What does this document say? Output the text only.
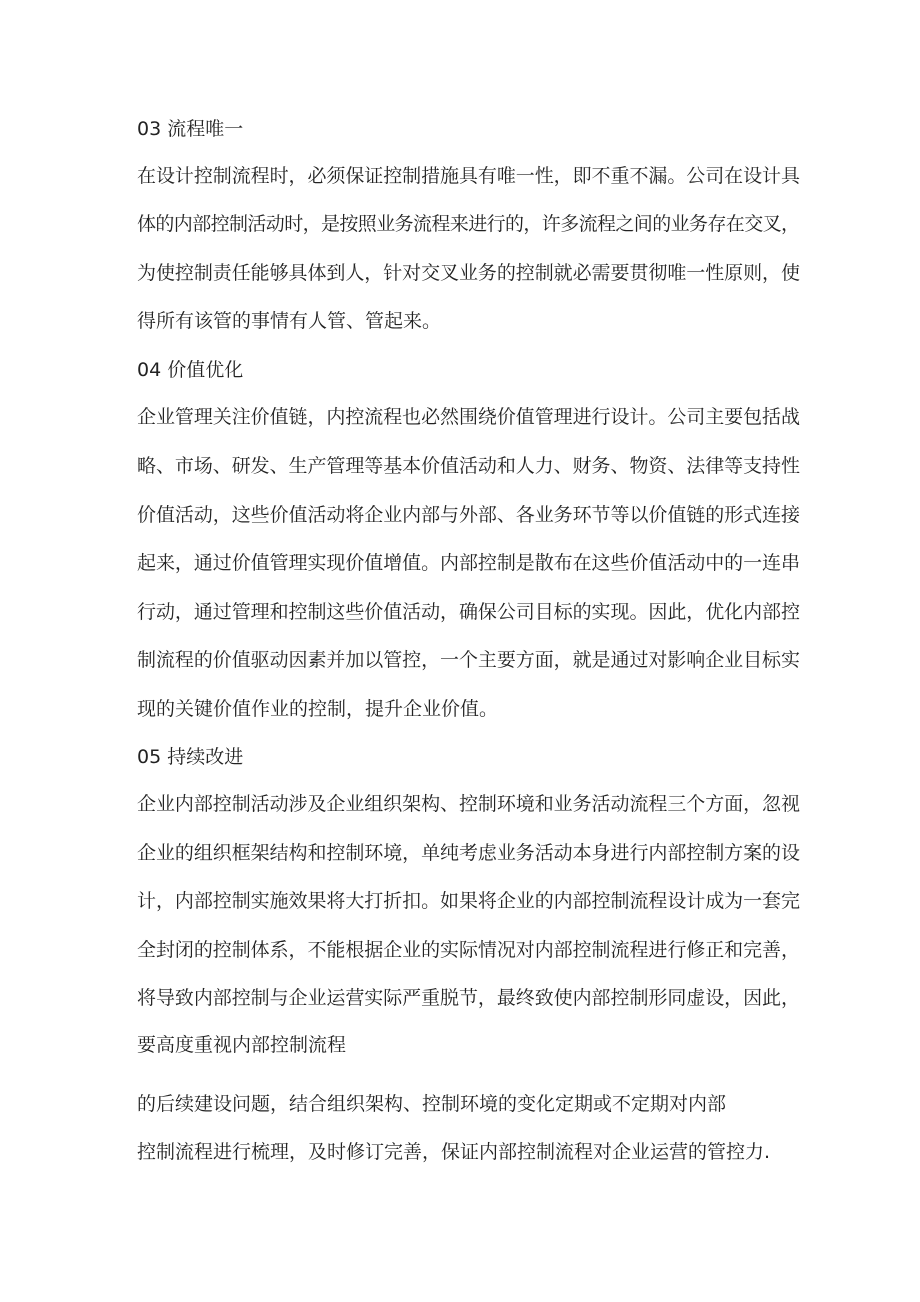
03 流程唯一
在设计控制流程时，必须保证控制措施具有唯一性，即不重不漏。公司在设计具
体的内部控制活动时，是按照业务流程来进行的，许多流程之间的业务存在交叉，
为使控制责任能够具体到人，针对交叉业务的控制就必需要贯彻唯一性原则，使
得所有该管的事情有人管、管起来。
04 价值优化
企业管理关注价值链，内控流程也必然围绕价值管理进行设计。公司主要包括战
略、市场、研发、生产管理等基本价值活动和人力、财务、物资、法律等支持性
价值活动，这些价值活动将企业内部与外部、各业务环节等以价值链的形式连接
起来，通过价值管理实现价值增值。内部控制是散布在这些价值活动中的一连串
行动，通过管理和控制这些价值活动，确保公司目标的实现。因此，优化内部控
制流程的价值驱动因素并加以管控，一个主要方面，就是通过对影响企业目标实
现的关键价值作业的控制，提升企业价值。
05 持续改进
企业内部控制活动涉及企业组织架构、控制环境和业务活动流程三个方面，忽视
企业的组织框架结构和控制环境，单纯考虑业务活动本身进行内部控制方案的设
计，内部控制实施效果将大打折扣。如果将企业的内部控制流程设计成为一套完
全封闭的控制体系，不能根据企业的实际情况对内部控制流程进行修正和完善，
将导致内部控制与企业运营实际严重脱节，最终致使内部控制形同虚设，因此，
要高度重视内部控制流程
的后续建设问题，结合组织架构、控制环境的变化定期或不定期对内部
控制流程进行梳理，及时修订完善，保证内部控制流程对企业运营的管控力.
